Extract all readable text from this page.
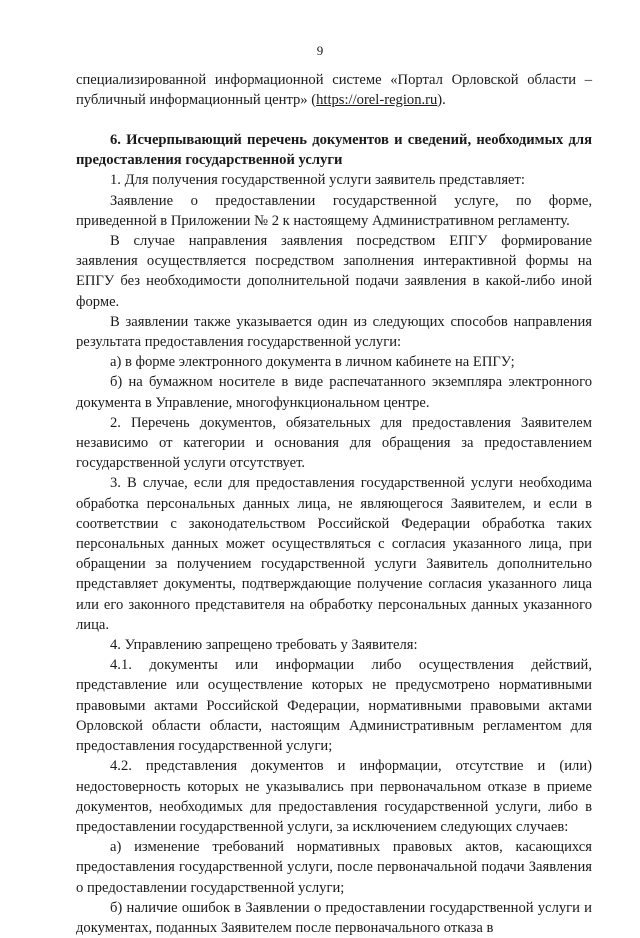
9

специализированной информационной системе «Портал Орловской области – публичный информационный центр» (https://orel-region.ru).

6. Исчерпывающий перечень документов и сведений, необходимых для предоставления государственной услуги

1. Для получения государственной услуги заявитель представляет:

Заявление о предоставлении государственной услуге, по форме, приведенной в Приложении № 2 к настоящему Административном регламенту.

В случае направления заявления посредством ЕПГУ формирование заявления осуществляется посредством заполнения интерактивной формы на ЕПГУ без необходимости дополнительной подачи заявления в какой-либо иной форме.

В заявлении также указывается один из следующих способов направления результата предоставления государственной услуги:

а) в форме электронного документа в личном кабинете на ЕПГУ;

б) на бумажном носителе в виде распечатанного экземпляра электронного документа в Управление, многофункциональном центре.

2. Перечень документов, обязательных для предоставления Заявителем независимо от категории и основания для обращения за предоставлением государственной услуги отсутствует.

3. В случае, если для предоставления государственной услуги необходима обработка персональных данных лица, не являющегося Заявителем, и если в соответствии с законодательством Российской Федерации обработка таких персональных данных может осуществляться с согласия указанного лица, при обращении за получением государственной услуги Заявитель дополнительно представляет документы, подтверждающие получение согласия указанного лица или его законного представителя на обработку персональных данных указанного лица.

4. Управлению запрещено требовать у Заявителя:

4.1. документы или информации либо осуществления действий, представление или осуществление которых не предусмотрено нормативными правовыми актами Российской Федерации, нормативными правовыми актами Орловской области области, настоящим Административным регламентом для предоставления государственной услуги;

4.2. представления документов и информации, отсутствие и (или) недостоверность которых не указывались при первоначальном отказе в приеме документов, необходимых для предоставления государственной услуги, либо в предоставлении государственной услуги, за исключением следующих случаев:

а) изменение требований нормативных правовых актов, касающихся предоставления государственной услуги, после первоначальной подачи Заявления о предоставлении государственной услуги;

б) наличие ошибок в Заявлении о предоставлении государственной услуги и документах, поданных Заявителем после первоначального отказа в
